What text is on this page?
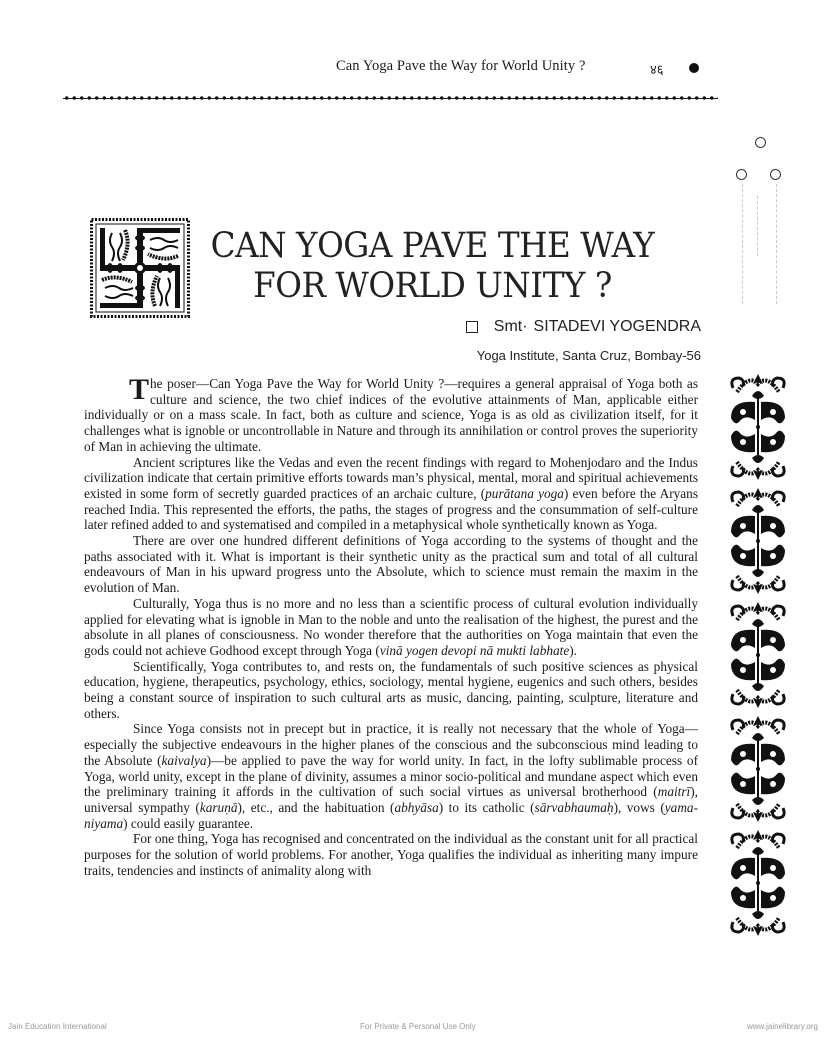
Can Yoga Pave the Way for World Unity ?	४६
CAN YOGA PAVE THE WAY
FOR WORLD UNITY ?
Smt· SITADEVI YOGENDRA
Yoga Institute, Santa Cruz, Bombay-56

The poser—Can Yoga Pave the Way for World Unity ?—requires a general appraisal of Yoga both as culture and science, the two chief indices of the evolutive attainments of Man, applicable either individually or on a mass scale. In fact, both as culture and science, Yoga is as old as civilization itself, for it challenges what is ignoble or uncontrollable in Nature and through its annihilation or control proves the superiority of Man in achieving the ultimate.

Ancient scriptures like the Vedas and even the recent findings with regard to Mohenjodaro and the Indus civilization indicate that certain primitive efforts towards man’s physical, mental, moral and spiritual achievements existed in some form of secretly guarded practices of an archaic culture, (purātana yoga) even before the Aryans reached India. This represented the efforts, the paths, the stages of progress and the consummation of self-culture later refined added to and systematised and compiled in a metaphysical whole synthetically known as Yoga.

There are over one hundred different definitions of Yoga according to the systems of thought and the paths associated with it. What is important is their synthetic unity as the practical sum and total of all cultural endeavours of Man in his upward progress unto the Absolute, which to science must remain the maxim in the evolution of Man.

Culturally, Yoga thus is no more and no less than a scientific process of cultural evolution individually applied for elevating what is ignoble in Man to the noble and unto the realisation of the highest, the purest and the absolute in all planes of consciousness. No wonder therefore that the authorities on Yoga maintain that even the gods could not achieve Godhood except through Yoga (vinā yogen devopi nā mukti labhate).

Scientifically, Yoga contributes to, and rests on, the fundamentals of such positive sciences as physical education, hygiene, therapeutics, psychology, ethics, sociology, mental hygiene, eugenics and such others, besides being a constant source of inspiration to such cultural arts as music, dancing, painting, sculpture, literature and others.

Since Yoga consists not in precept but in practice, it is really not necessary that the whole of Yoga—especially the subjective endeavours in the higher planes of the conscious and the subconscious mind leading to the Absolute (kaivalya)—be applied to pave the way for world unity. In fact, in the lofty sublimable process of Yoga, world unity, except in the plane of divinity, assumes a minor socio-political and mundane aspect which even the preliminary training it affords in the cultivation of such social virtues as universal brotherhood (maitrī), universal sympathy (karuṇā), etc., and the habituation (abhyāsa) to its catholic (sārvabhaumaḥ), vows (yama-niyama) could easily guarantee.

For one thing, Yoga has recognised and concentrated on the individual as the constant unit for all practical purposes for the solution of world problems. For another, Yoga qualifies the individual as inheriting many impure traits, tendencies and instincts of animality along with

Jain Education International	For Private & Personal Use Only	www.jainelibrary.org
